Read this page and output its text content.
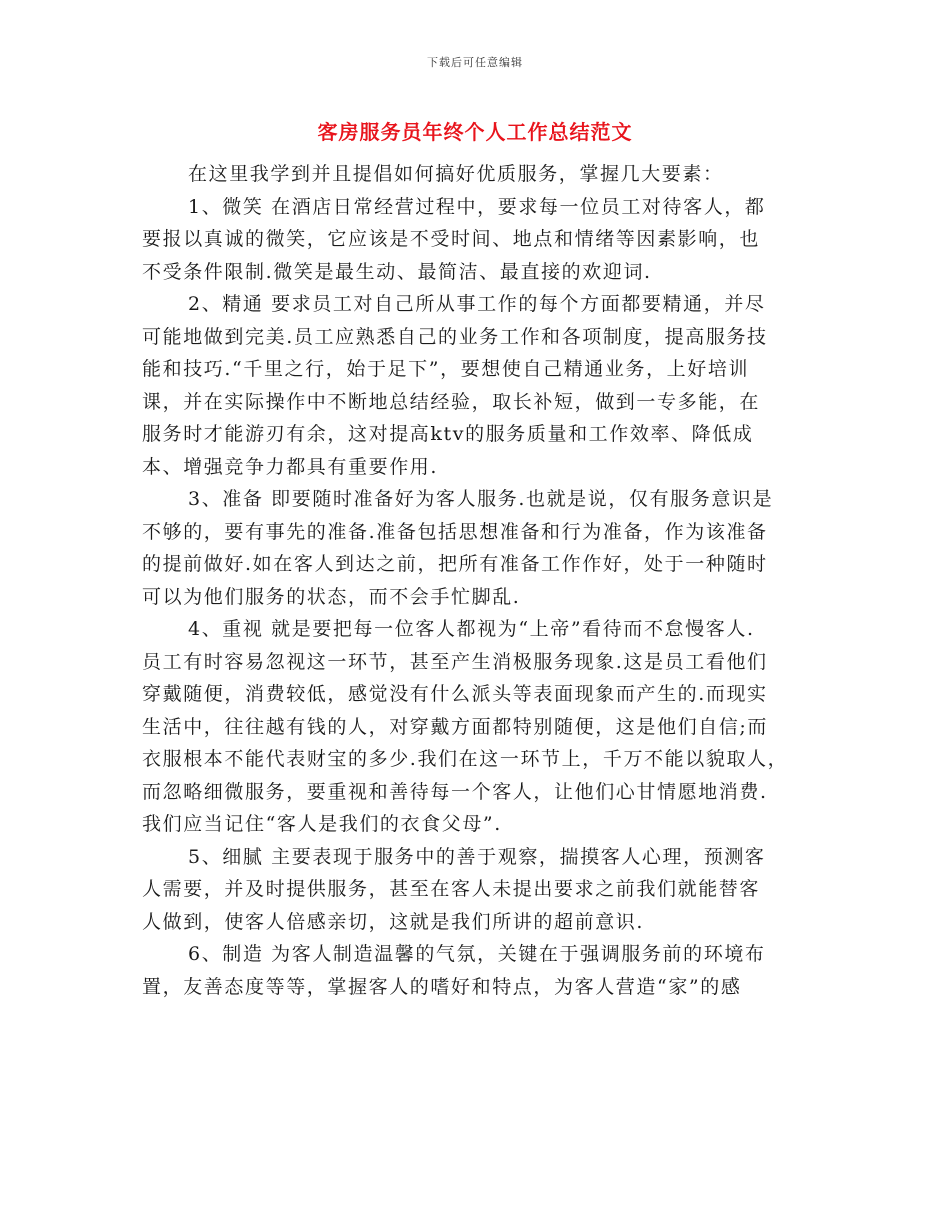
下载后可任意编辑
客房服务员年终个人工作总结范文
在这里我学到并且提倡如何搞好优质服务，掌握几大要素：
1、微笑 在酒店日常经营过程中，要求每一位员工对待客人，都
要报以真诚的微笑，它应该是不受时间、地点和情绪等因素影响，也
不受条件限制.微笑是最生动、最简洁、最直接的欢迎词.
2、精通 要求员工对自己所从事工作的每个方面都要精通，并尽
可能地做到完美.员工应熟悉自己的业务工作和各项制度，提高服务技
能和技巧.“千里之行，始于足下”，要想使自己精通业务，上好培训
课，并在实际操作中不断地总结经验，取长补短，做到一专多能，在
服务时才能游刃有余，这对提高ktv的服务质量和工作效率、降低成
本、增强竞争力都具有重要作用.
3、准备 即要随时准备好为客人服务.也就是说，仅有服务意识是
不够的，要有事先的准备.准备包括思想准备和行为准备，作为该准备
的提前做好.如在客人到达之前，把所有准备工作作好，处于一种随时
可以为他们服务的状态，而不会手忙脚乱.
4、重视 就是要把每一位客人都视为“上帝”看待而不怠慢客人.
员工有时容易忽视这一环节，甚至产生消极服务现象.这是员工看他们
穿戴随便，消费较低，感觉没有什么派头等表面现象而产生的.而现实
生活中，往往越有钱的人，对穿戴方面都特别随便，这是他们自信;而
衣服根本不能代表财宝的多少.我们在这一环节上，千万不能以貌取人，
而忽略细微服务，要重视和善待每一个客人，让他们心甘情愿地消费.
我们应当记住“客人是我们的衣食父母”.
5、细腻 主要表现于服务中的善于观察，揣摸客人心理，预测客
人需要，并及时提供服务，甚至在客人未提出要求之前我们就能替客
人做到，使客人倍感亲切，这就是我们所讲的超前意识.
6、制造 为客人制造温馨的气氛，关键在于强调服务前的环境布
置，友善态度等等，掌握客人的嗜好和特点，为客人营造“家”的感
